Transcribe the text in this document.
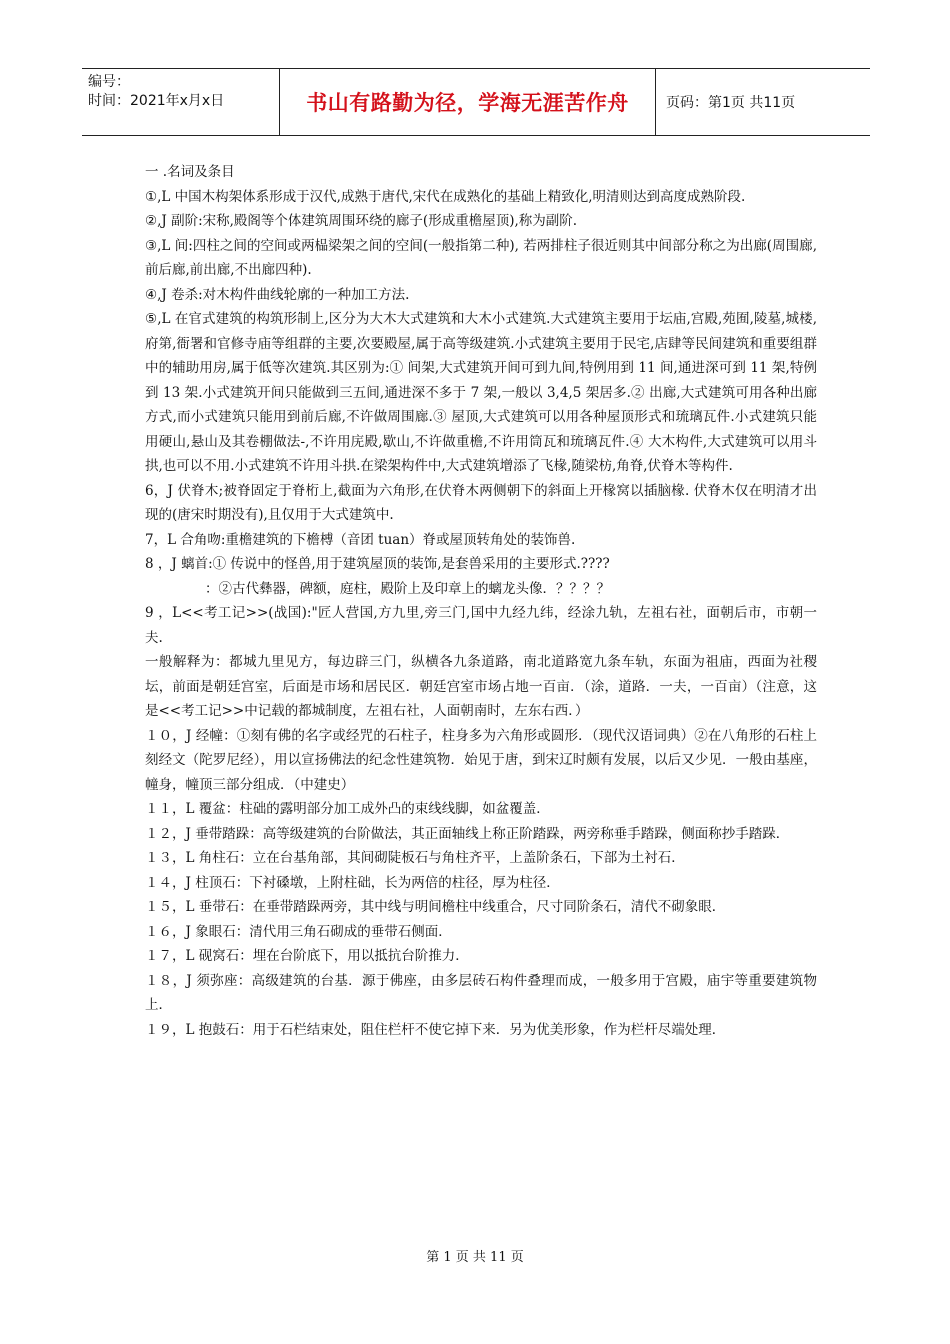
编号：
时间：2021年x月x日	书山有路勤为径，学海无涯苦作舟	页码：第1页 共11页

一 .名词及条目

①,L 中国木构架体系形成于汉代,成熟于唐代,宋代在成熟化的基础上精致化,明清则达到高度成熟阶段.

②,J 副阶:宋称,殿阁等个体建筑周围环绕的廊子(形成重檐屋顶),称为副阶.

③,L 间:四柱之间的空间或两榀梁架之间的空间(一般指第二种), 若两排柱子很近则其中间部分称之为出廊(周围廊,前后廊,前出廊,不出廊四种).

④,J 卷杀:对木构件曲线轮廓的一种加工方法.

⑤,L 在官式建筑的构筑形制上,区分为大木大式建筑和大木小式建筑.大式建筑主要用于坛庙,宫殿,苑囿,陵墓,城楼,府第,衙署和官修寺庙等组群的主要,次要殿屋,属于高等级建筑.小式建筑主要用于民宅,店肆等民间建筑和重要组群中的辅助用房,属于低等次建筑.其区别为:① 间架,大式建筑开间可到九间,特例用到 11 间,通进深可到 11 架,特例到 13 架.小式建筑开间只能做到三五间,通进深不多于 7 架,一般以 3,4,5 架居多.② 出廊,大式建筑可用各种出廊方式,而小式建筑只能用到前后廊,不许做周围廊.③ 屋顶,大式建筑可以用各种屋顶形式和琉璃瓦件.小式建筑只能用硬山,悬山及其卷棚做法-,不许用庑殿,歇山,不许做重檐,不许用筒瓦和琉璃瓦件.④ 大木构件,大式建筑可以用斗拱,也可以不用.小式建筑不许用斗拱.在梁架构件中,大式建筑增添了飞椽,随梁枋,角脊,伏脊木等构件.

6，J 伏脊木;被脊固定于脊桁上,截面为六角形,在伏脊木两侧朝下的斜面上开椽窝以插脑椽. 伏脊木仅在明清才出现的(唐宋时期没有),且仅用于大式建筑中.

7，L 合角吻:重檐建筑的下檐榑（音团 tuan）脊或屋顶转角处的装饰兽.

8 ，J 螭首:① 传说中的怪兽,用于建筑屋顶的装饰,是套兽采用的主要形式.????

：②古代彝器，碑额，庭柱，殿阶上及印章上的螭龙头像．？？？？

9 ，L<<考工记>>(战国):"匠人营国,方九里,旁三门,国中九经九纬，经涂九轨，左祖右社，面朝后市，市朝一夫.

一般解释为：都城九里见方，每边辟三门，纵横各九条道路，南北道路宽九条车轨，东面为祖庙，西面为社稷坛，前面是朝廷宫室，后面是市场和居民区．朝廷宫室市场占地一百亩．（涂，道路．一夫，一百亩）（注意，这是<<考工记>>中记载的都城制度，左祖右社，人面朝南时，左东右西．）

１０，J 经幢：①刻有佛的名字或经咒的石柱子，柱身多为六角形或圆形．（现代汉语词典）②在八角形的石柱上刻经文（陀罗尼经），用以宣扬佛法的纪念性建筑物．始见于唐，到宋辽时颇有发展，以后又少见．一般由基座，幢身，幢顶三部分组成．（中建史）

１１，L 覆盆：柱础的露明部分加工成外凸的束线线脚，如盆覆盖．

１２，J 垂带踏跺：高等级建筑的台阶做法，其正面轴线上称正阶踏跺，两旁称垂手踏跺，侧面称抄手踏跺．

１３，L 角柱石：立在台基角部，其间砌陡板石与角柱齐平，上盖阶条石，下部为土衬石．

１４，J 柱顶石：下衬磉墩，上附柱础，长为两倍的柱径，厚为柱径．

１５，L 垂带石：在垂带踏跺两旁，其中线与明间檐柱中线重合，尺寸同阶条石，清代不砌象眼．

１６，J 象眼石：清代用三角石砌成的垂带石侧面．

１７，L 砚窝石：埋在台阶底下，用以抵抗台阶推力．

１８，J 须弥座：高级建筑的台基．源于佛座，由多层砖石构件叠理而成，一般多用于宫殿，庙宇等重要建筑物上．

１９，L 抱鼓石：用于石栏结束处，阻住栏杆不使它掉下来．另为优美形象，作为栏杆尽端处理．

第 1 页 共 11 页
